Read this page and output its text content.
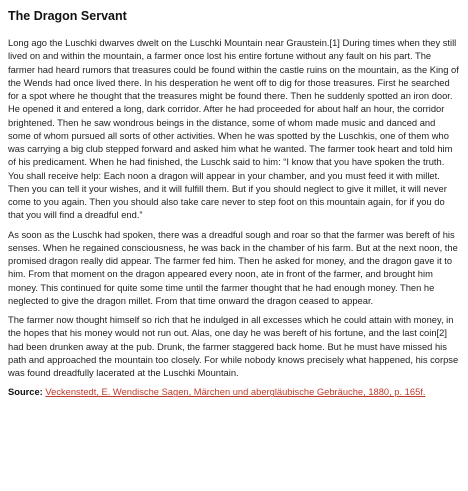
The Dragon Servant

Long ago the Luschki dwarves dwelt on the Luschki Mountain near Graustein.[1] During times when they still lived on and within the mountain, a farmer once lost his entire fortune without any fault on his part. The farmer had heard rumors that treasures could be found within the castle ruins on the mountain, as the King of the Wends had once lived there. In his desperation he went off to dig for those treasures. First he searched for a spot where he thought that the treasures might be found there. Then he suddenly spotted an iron door. He opened it and entered a long, dark corridor. After he had proceeded for about half an hour, the corridor brightened. Then he saw wondrous beings in the distance, some of whom made music and danced and some of whom pursued all sorts of other activities. When he was spotted by the Luschkis, one of them who was carrying a big club stepped forward and asked him what he wanted. The farmer took heart and told him of his predicament. When he had finished, the Luschk said to him: “I know that you have spoken the truth. You shall receive help: Each noon a dragon will appear in your chamber, and you must feed it with millet. Then you can tell it your wishes, and it will fulfill them. But if you should neglect to give it millet, it will never come to you again. Then you should also take care never to step foot on this mountain again, for if you do that you will find a dreadful end.”

As soon as the Luschk had spoken, there was a dreadful sough and roar so that the farmer was bereft of his senses. When he regained consciousness, he was back in the chamber of his farm. But at the next noon, the promised dragon really did appear. The farmer fed him. Then he asked for money, and the dragon gave it to him. From that moment on the dragon appeared every noon, ate in front of the farmer, and brought him money. This continued for quite some time until the farmer thought that he had enough money. Then he neglected to give the dragon millet. From that time onward the dragon ceased to appear.

The farmer now thought himself so rich that he indulged in all excesses which he could attain with money, in the hopes that his money would not run out. Alas, one day he was bereft of his fortune, and the last coin[2] had been drunken away at the pub. Drunk, the farmer staggered back home. But he must have missed his path and approached the mountain too closely. For while nobody knows precisely what happened, his corpse was found dreadfully lacerated at the Luschki Mountain.

Source: Veckenstedt, E. Wendische Sagen, Märchen und abergläubische Gebräuche, 1880, p. 165f.
